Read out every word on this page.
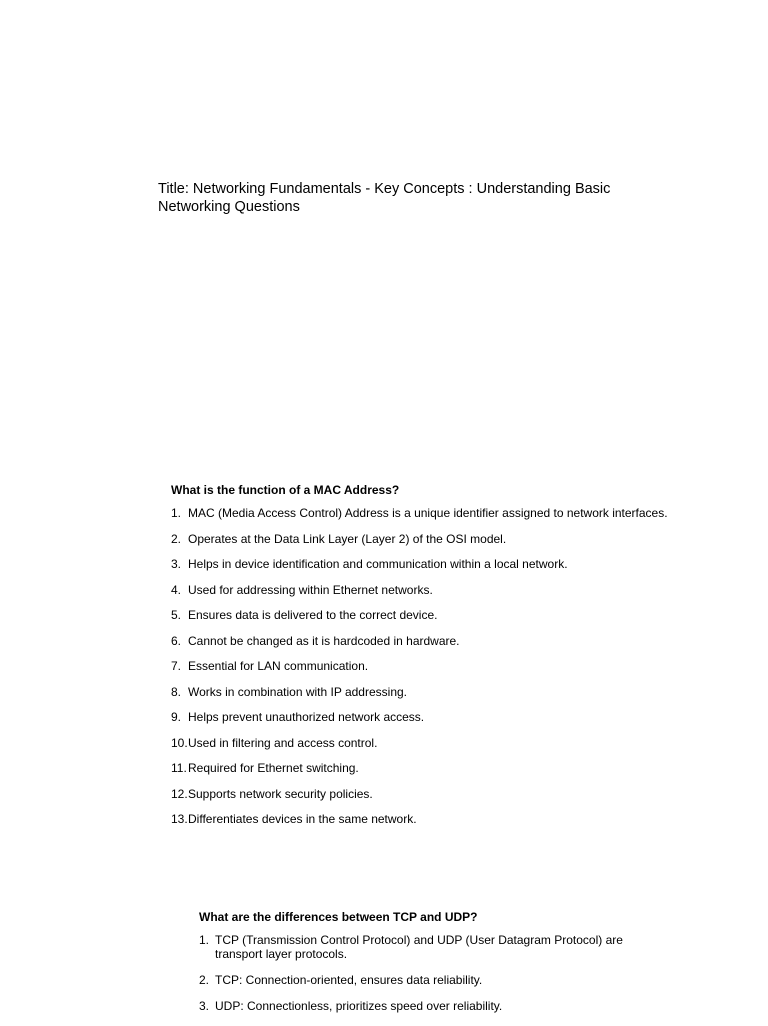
Title: Networking Fundamentals - Key Concepts : Understanding Basic Networking Questions

What is the function of a MAC Address?

1. MAC (Media Access Control) Address is a unique identifier assigned to network interfaces.
2. Operates at the Data Link Layer (Layer 2) of the OSI model.
3. Helps in device identification and communication within a local network.
4. Used for addressing within Ethernet networks.
5. Ensures data is delivered to the correct device.
6. Cannot be changed as it is hardcoded in hardware.
7. Essential for LAN communication.
8. Works in combination with IP addressing.
9. Helps prevent unauthorized network access.
10. Used in filtering and access control.
11. Required for Ethernet switching.
12. Supports network security policies.
13. Differentiates devices in the same network.

What are the differences between TCP and UDP?

1. TCP (Transmission Control Protocol) and UDP (User Datagram Protocol) are transport layer protocols.
2. TCP: Connection-oriented, ensures data reliability.
3. UDP: Connectionless, prioritizes speed over reliability.
